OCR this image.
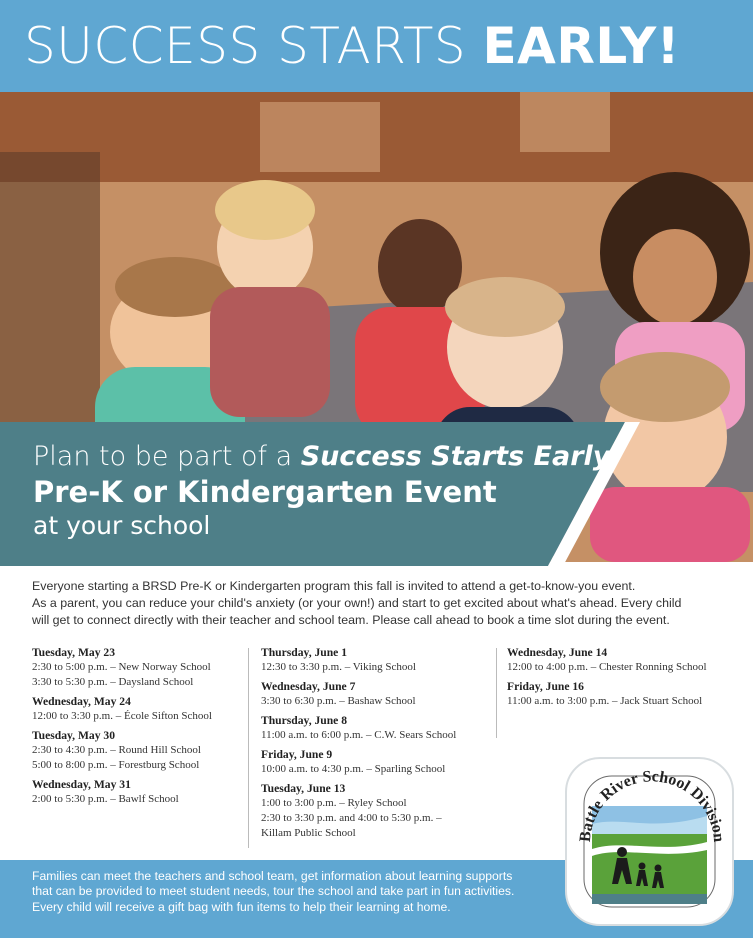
SUCCESS STARTS EARLY!
Plan to be part of a Success Starts Early
Pre-K or Kindergarten Event
at your school

Everyone starting a BRSD Pre-K or Kindergarten program this fall is invited to attend a get-to-know-you event.

As a parent, you can reduce your child's anxiety (or your own!) and start to get excited about what's ahead. Every child

will get to connect directly with their teacher and school team. Please call ahead to book a time slot during the event.

Tuesday, May 23
2:30 to 5:00 p.m. – New Norway School
3:30 to 5:30 p.m. – Daysland School
Wednesday, May 24
12:00 to 3:30 p.m. – École Sifton School
Tuesday, May 30
2:30 to 4:30 p.m. – Round Hill School
5:00 to 8:00 p.m. – Forestburg School
Wednesday, May 31
2:00 to 5:30 p.m. – Bawlf School
Thursday, June 1
12:30 to 3:30 p.m. – Viking School
Wednesday, June 7
3:30 to 6:30 p.m. – Bashaw School
Thursday, June 8
11:00 a.m. to 6:00 p.m. – C.W. Sears School
Friday, June 9
10:00 a.m. to 4:30 p.m. – Sparling School
Tuesday, June 13
1:00 to 3:00 p.m. – Ryley School
2:30 to 3:30 p.m. and 4:00 to 5:30 p.m. –
Killam Public School
Wednesday, June 14
12:00 to 4:00 p.m. – Chester Ronning School
Friday, June 16
11:00 a.m. to 3:00 p.m. – Jack Stuart School

Families can meet the teachers and school team, get information about learning supports

that can be provided to meet student needs, tour the school and take part in fun activities.

Every child will receive a gift bag with fun items to help their learning at home.

Battle River School Division
